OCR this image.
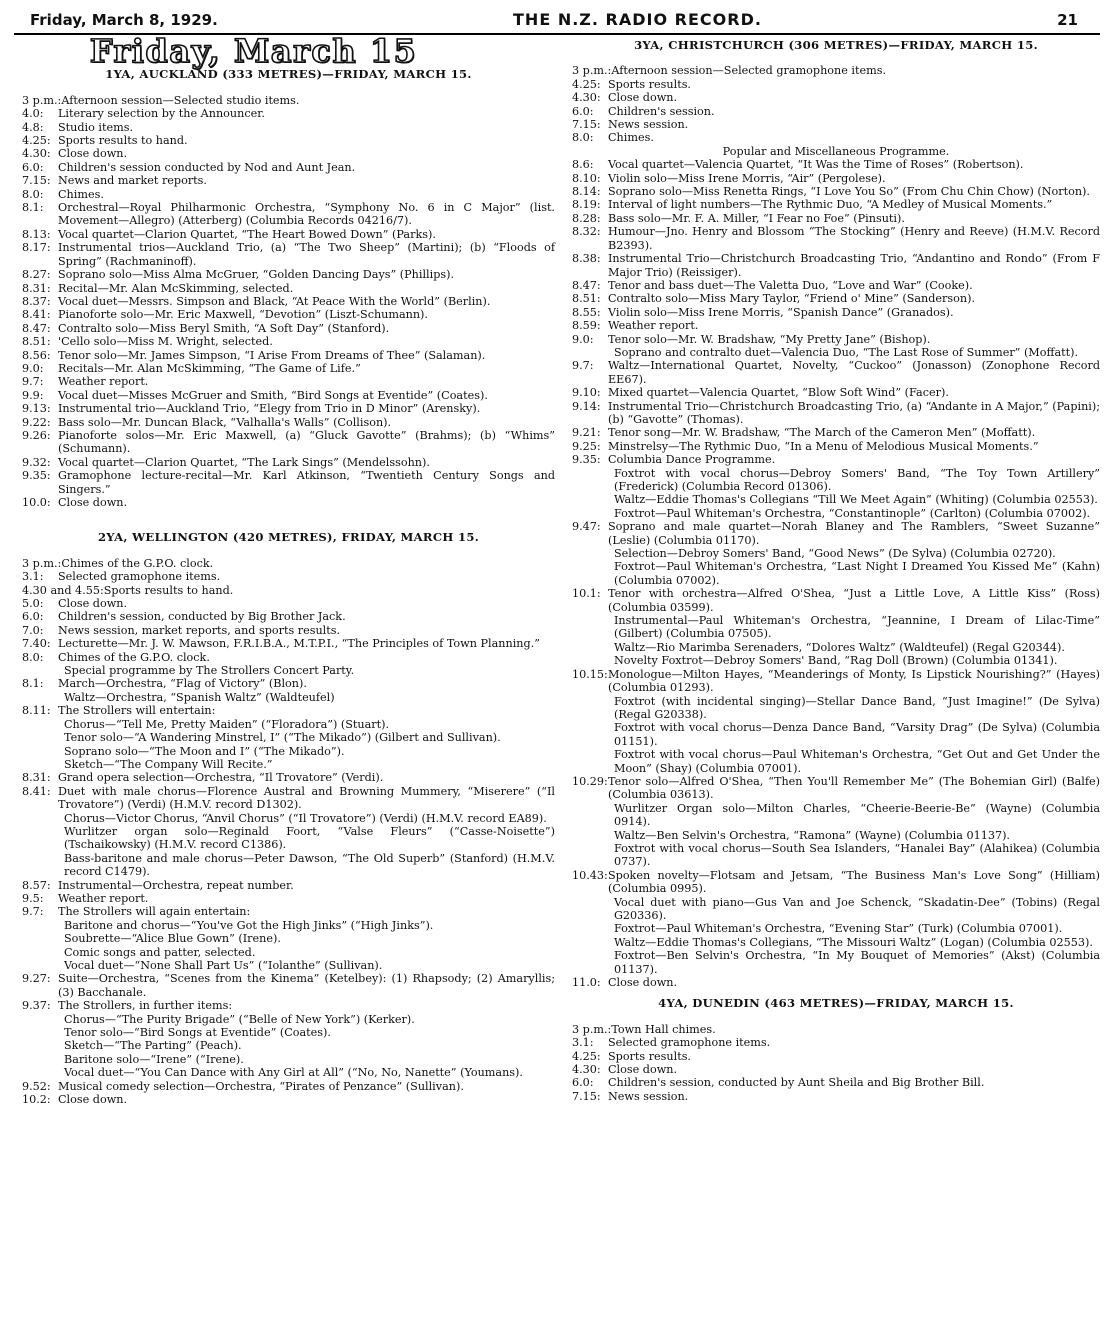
Friday, March 8, 1929.	THE N.Z. RADIO RECORD.	21
Friday, March 15
1YA, AUCKLAND (333 METRES)—FRIDAY, MARCH 15.
3 p.m.: Afternoon session—Selected studio items.
4.0:	Literary selection by the Announcer.
4.8:	Studio items.
4.25: Sports results to hand.
4.30: Close down.
6.0:	Children's session conducted by Nod and Aunt Jean.
7.15: News and market reports.
8.0:	Chimes.
8.1:	Orchestral—Royal Philharmonic Orchestra, “Symphony No. 6 in C Major” (list. Movement—Allegro) (Atterberg) (Columbia Records 04216/7).
8.13: Vocal quartet—Clarion Quartet, “The Heart Bowed Down” (Parks).
8.17: Instrumental trios—Auckland Trio, (a) “The Two Sheep” (Martini); (b) “Floods of Spring” (Rachmaninoff).
8.27: Soprano solo—Miss Alma McGruer, “Golden Dancing Days” (Phillips).
8.31: Recital—Mr. Alan McSkimming, selected.
8.37: Vocal duet—Messrs. Simpson and Black, “At Peace With the World” (Berlin).
8.41: Pianoforte solo—Mr. Eric Maxwell, “Devotion” (Liszt-Schumann).
8.47: Contralto solo—Miss Beryl Smith, “A Soft Day” (Stanford).
8.51: 'Cello solo—Miss M. Wright, selected.
8.56: Tenor solo—Mr. James Simpson, “I Arise From Dreams of Thee” (Salaman).
9.0:	Recitals—Mr. Alan McSkimming, “The Game of Life.”
9.7:	Weather report.
9.9:	Vocal duet—Misses McGruer and Smith, “Bird Songs at Eventide” (Coates).
9.13: Instrumental trio—Auckland Trio, “Elegy from Trio in D Minor” (Arensky).
9.22: Bass solo—Mr. Duncan Black, “Valhalla's Walls” (Collison).
9.26: Pianoforte solos—Mr. Eric Maxwell, (a) “Gluck Gavotte” (Brahms); (b) “Whims” (Schumann).
9.32: Vocal quartet—Clarion Quartet, “The Lark Sings” (Mendelssohn).
9.35: Gramophone lecture-recital—Mr. Karl Atkinson, “Twentieth Century Songs and Singers.”
10.0: Close down.
2YA, WELLINGTON (420 METRES), FRIDAY, MARCH 15.
3 p.m.: Chimes of the G.P.O. clock.
3.1:	Selected gramophone items.
4.30 and 4.55: Sports results to hand.
5.0:	Close down.
6.0:	Children's session, conducted by Big Brother Jack.
7.0:	News session, market reports, and sports results.
7.40: Lecturette—Mr. J. W. Mawson, F.R.I.B.A., M.T.P.I., “The Principles of Town Planning.”
8.0:	Chimes of the G.P.O. clock.
Special programme by The Strollers Concert Party.
8.1:	March—Orchestra, “Flag of Victory” (Blon).
Waltz—Orchestra, “Spanish Waltz” (Waldteufel)
8.11: The Strollers will entertain:
Chorus—“Tell Me, Pretty Maiden” (“Floradora”) (Stuart).
Tenor solo—“A Wandering Minstrel, I” (“The Mikado”) (Gilbert and Sullivan).
Soprano solo—“The Moon and I” (“The Mikado”).
Sketch—“The Company Will Recite.”
8.31: Grand opera selection—Orchestra, “Il Trovatore” (Verdi).
8.41: Duet with male chorus—Florence Austral and Browning Mummery, “Miserere” (“Il Trovatore”) (Verdi) (H.M.V. record D1302).
Chorus—Victor Chorus, “Anvil Chorus” (“Il Trovatore”) (Verdi) (H.M.V. record EA89).
Wurlitzer organ solo—Reginald Foort, “Valse Fleurs” (“Casse-Noisette”) (Tschaikowsky) (H.M.V. record C1386).
Bass-baritone and male chorus—Peter Dawson, “The Old Superb” (Stanford) (H.M.V. record C1479).
8.57: Instrumental—Orchestra, repeat number.
9.5:	Weather report.
9.7:	The Strollers will again entertain:
Baritone and chorus—“You've Got the High Jinks” (“High Jinks”).
Soubrette—“Alice Blue Gown” (Irene).
Comic songs and patter, selected.
Vocal duet—“None Shall Part Us” (“Iolanthe” (Sullivan).
9.27: Suite—Orchestra, “Scenes from the Kinema” (Ketelbey): (1) Rhapsody; (2) Amaryllis; (3) Bacchanale.
9.37: The Strollers, in further items:
Chorus—“The Purity Brigade” (“Belle of New York”) (Kerker).
Tenor solo—“Bird Songs at Eventide” (Coates).
Sketch—“The Parting” (Peach).
Baritone solo—“Irene” (“Irene).
Vocal duet—“You Can Dance with Any Girl at All” (“No, No, Nanette” (Youmans).
9.52: Musical comedy selection—Orchestra, “Pirates of Penzance” (Sullivan).
10.2: Close down.
3YA, CHRISTCHURCH (306 METRES)—FRIDAY, MARCH 15.
3 p.m.: Afternoon session—Selected gramophone items.
4.25: Sports results.
4.30: Close down.
6.0:	Children's session.
7.15: News session.
8.0:	Chimes.
Popular and Miscellaneous Programme.
8.6:	Vocal quartet—Valencia Quartet, “It Was the Time of Roses” (Robertson).
8.10: Violin solo—Miss Irene Morris, “Air” (Pergolese).
8.14: Soprano solo—Miss Renetta Rings, “I Love You So” (From Chu Chin Chow) (Norton).
8.19: Interval of light numbers—The Rythmic Duo, “A Medley of Musical Moments.”
8.28: Bass solo—Mr. F. A. Miller, “I Fear no Foe” (Pinsuti).
8.32: Humour—Jno. Henry and Blossom “The Stocking” (Henry and Reeve) (H.M.V. Record B2393).
8.38: Instrumental Trio—Christchurch Broadcasting Trio, “Andantino and Rondo” (From F Major Trio) (Reissiger).
8.47: Tenor and bass duet—The Valetta Duo, “Love and War” (Cooke).
8.51: Contralto solo—Miss Mary Taylor, “Friend o' Mine” (Sanderson).
8.55: Violin solo—Miss Irene Morris, “Spanish Dance” (Granados).
8.59: Weather report.
9.0:	Tenor solo—Mr. W. Bradshaw, “My Pretty Jane” (Bishop).
Soprano and contralto duet—Valencia Duo, “The Last Rose of Summer” (Moffatt).
9.7:	Waltz—International Quartet, Novelty, “Cuckoo” (Jonasson) (Zonophone Record EE67).
9.10: Mixed quartet—Valencia Quartet, “Blow Soft Wind” (Facer).
9.14: Instrumental Trio—Christchurch Broadcasting Trio, (a) “Andante in A Major,” (Papini); (b) “Gavotte” (Thomas).
9.21: Tenor song—Mr. W. Bradshaw, “The March of the Cameron Men” (Moffatt).
9.25: Minstrelsy—The Rythmic Duo, “In a Menu of Melodious Musical Moments.”
9.35: Columbia Dance Programme.
Foxtrot with vocal chorus—Debroy Somers' Band, “The Toy Town Artillery” (Frederick) (Columbia Record 01306).
Waltz—Eddie Thomas's Collegians “Till We Meet Again” (Whiting) (Columbia 02553).
Foxtrot—Paul Whiteman's Orchestra, “Constantinople” (Carlton) (Columbia 07002).
9.47: Soprano and male quartet—Norah Blaney and The Ramblers, “Sweet Suzanne” (Leslie) (Columbia 01170).
Selection—Debroy Somers' Band, “Good News” (De Sylva) (Columbia 02720).
Foxtrot—Paul Whiteman's Orchestra, “Last Night I Dreamed You Kissed Me” (Kahn) (Columbia 07002).
10.1: Tenor with orchestra—Alfred O'Shea, “Just a Little Love, A Little Kiss” (Ross) (Columbia 03599).
Instrumental—Paul Whiteman's Orchestra, “Jeannine, I Dream of Lilac-Time” (Gilbert) (Columbia 07505).
Waltz—Rio Marimba Serenaders, “Dolores Waltz” (Waldteufel) (Regal G20344).
Novelty Foxtrot—Debroy Somers' Band, “Rag Doll (Brown) (Columbia 01341).
10.15: Monologue—Milton Hayes, “Meanderings of Monty, Is Lipstick Nourishing?” (Hayes) (Columbia 01293).
Foxtrot (with incidental singing)—Stellar Dance Band, “Just Imagine!” (De Sylva) (Regal G20338).
Foxtrot with vocal chorus—Denza Dance Band, “Varsity Drag” (De Sylva) (Columbia 01151).
Foxtrot with vocal chorus—Paul Whiteman's Orchestra, “Get Out and Get Under the Moon” (Shay) (Columbia 07001).
10.29: Tenor solo—Alfred O'Shea, “Then You'll Remember Me” (The Bohemian Girl) (Balfe) (Columbia 03613).
Wurlitzer Organ solo—Milton Charles, “Cheerie-Beerie-Be” (Wayne) (Columbia 0914).
Waltz—Ben Selvin's Orchestra, “Ramona” (Wayne) (Columbia 01137).
Foxtrot with vocal chorus—South Sea Islanders, “Hanalei Bay” (Alahikea) (Columbia 0737).
10.43: Spoken novelty—Flotsam and Jetsam, “The Business Man's Love Song” (Hilliam) (Columbia 0995).
Vocal duet with piano—Gus Van and Joe Schenck, “Skadatin-Dee” (Tobins) (Regal G20336).
Foxtrot—Paul Whiteman's Orchestra, “Evening Star” (Turk) (Columbia 07001).
Waltz—Eddie Thomas's Collegians, “The Missouri Waltz” (Logan) (Columbia 02553).
Foxtrot—Ben Selvin's Orchestra, “In My Bouquet of Memories” (Akst) (Columbia 01137).
11.0: Close down.
4YA, DUNEDIN (463 METRES)—FRIDAY, MARCH 15.
3 p.m.: Town Hall chimes.
3.1:	Selected gramophone items.
4.25: Sports results.
4.30: Close down.
6.0:	Children's session, conducted by Aunt Sheila and Big Brother Bill.
7.15: News session.
